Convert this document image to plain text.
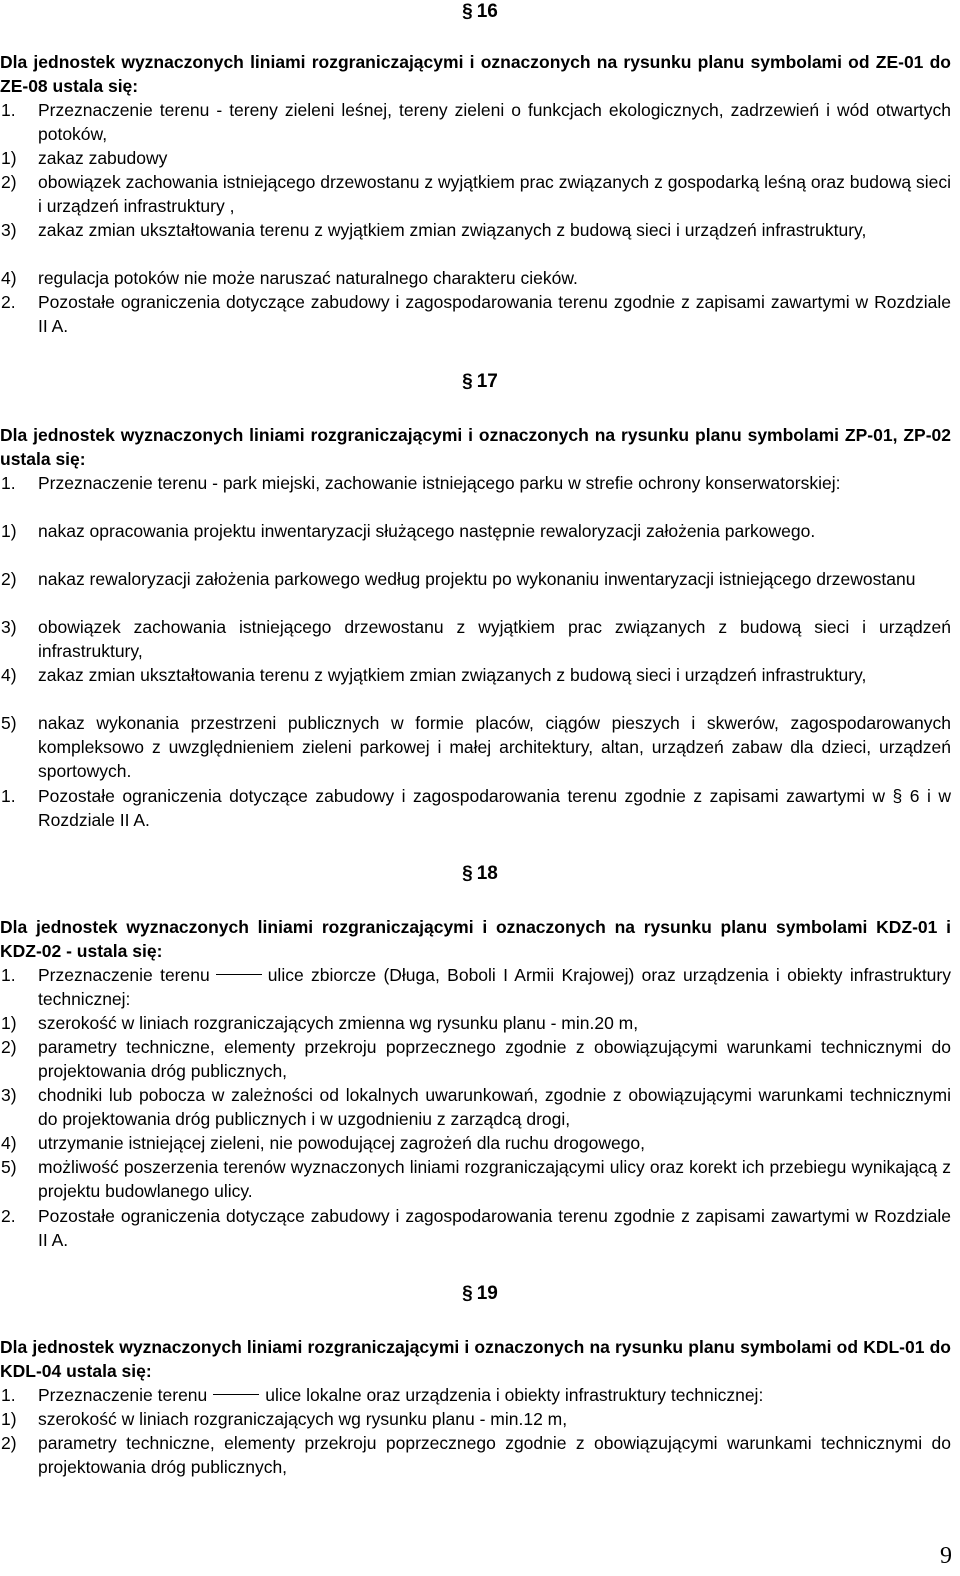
§ 16
Dla jednostek wyznaczonych liniami rozgraniczającymi i oznaczonych na rysunku planu symbolami od ZE-01 do ZE-08 ustala się:
1.	Przeznaczenie terenu - tereny zieleni leśnej, tereny zieleni o funkcjach ekologicznych, zadrzewień i wód otwartych potoków,
1)	zakaz zabudowy
2)	obowiązek zachowania istniejącego drzewostanu z wyjątkiem prac związanych z gospodarką leśną oraz budową sieci i urządzeń infrastruktury ,
3)	zakaz zmian ukształtowania terenu z wyjątkiem zmian związanych z budową sieci i urządzeń infrastruktury,
4)	regulacja potoków nie może naruszać naturalnego charakteru cieków.
2.	Pozostałe ograniczenia dotyczące zabudowy i zagospodarowania terenu zgodnie z zapisami zawartymi w Rozdziale II A.
§ 17
Dla jednostek wyznaczonych liniami rozgraniczającymi i oznaczonych na rysunku planu symbolami ZP-01, ZP-02 ustala się:
1.	Przeznaczenie terenu - park miejski, zachowanie istniejącego parku w strefie ochrony konserwatorskiej:
1)	nakaz opracowania projektu inwentaryzacji służącego następnie rewaloryzacji założenia parkowego.
2)	nakaz rewaloryzacji założenia parkowego według projektu po wykonaniu inwentaryzacji istniejącego drzewostanu
3)	obowiązek zachowania istniejącego drzewostanu z wyjątkiem prac związanych z budową sieci i urządzeń infrastruktury,
4)	zakaz zmian ukształtowania terenu z wyjątkiem zmian związanych z budową sieci i urządzeń infrastruktury,
5)	nakaz wykonania przestrzeni publicznych w formie placów, ciągów pieszych i skwerów, zagospodarowanych kompleksowo z uwzględnieniem zieleni parkowej i małej architektury, altan, urządzeń zabaw dla dzieci, urządzeń sportowych.
1.	Pozostałe ograniczenia dotyczące zabudowy i zagospodarowania terenu zgodnie z zapisami zawartymi w § 6 i w Rozdziale II A.
§ 18
Dla jednostek wyznaczonych liniami rozgraniczającymi i oznaczonych na rysunku planu symbolami KDZ-01 i KDZ-02 - ustala się:
1.	Przeznaczenie terenu	ulice zbiorcze (Długa, Boboli I Armii Krajowej) oraz urządzenia i obiekty infrastruktury technicznej:
1)	szerokość w liniach rozgraniczających zmienna wg rysunku planu - min.20 m,
2)	parametry techniczne, elementy przekroju poprzecznego zgodnie z obowiązującymi warunkami technicznymi do projektowania dróg publicznych,
3)	chodniki lub pobocza w zależności od lokalnych uwarunkowań, zgodnie z obowiązującymi warunkami technicznymi do projektowania dróg publicznych i w uzgodnieniu z zarządcą drogi,
4)	utrzymanie istniejącej zieleni, nie powodującej zagrożeń dla ruchu drogowego,
5)	możliwość poszerzenia terenów wyznaczonych liniami rozgraniczającymi ulicy oraz korekt ich przebiegu wynikającą z projektu budowlanego ulicy.
2.	Pozostałe ograniczenia dotyczące zabudowy i zagospodarowania terenu zgodnie z zapisami zawartymi w Rozdziale II A.
§ 19
Dla jednostek wyznaczonych liniami rozgraniczającymi i oznaczonych na rysunku planu symbolami od KDL-01 do KDL-04 ustala się:
1.	Przeznaczenie terenu	ulice lokalne oraz urządzenia i obiekty infrastruktury technicznej:
1)	szerokość w liniach rozgraniczających wg rysunku planu - min.12 m,
2)	parametry techniczne, elementy przekroju poprzecznego zgodnie z obowiązującymi warunkami technicznymi do projektowania dróg publicznych,
9
